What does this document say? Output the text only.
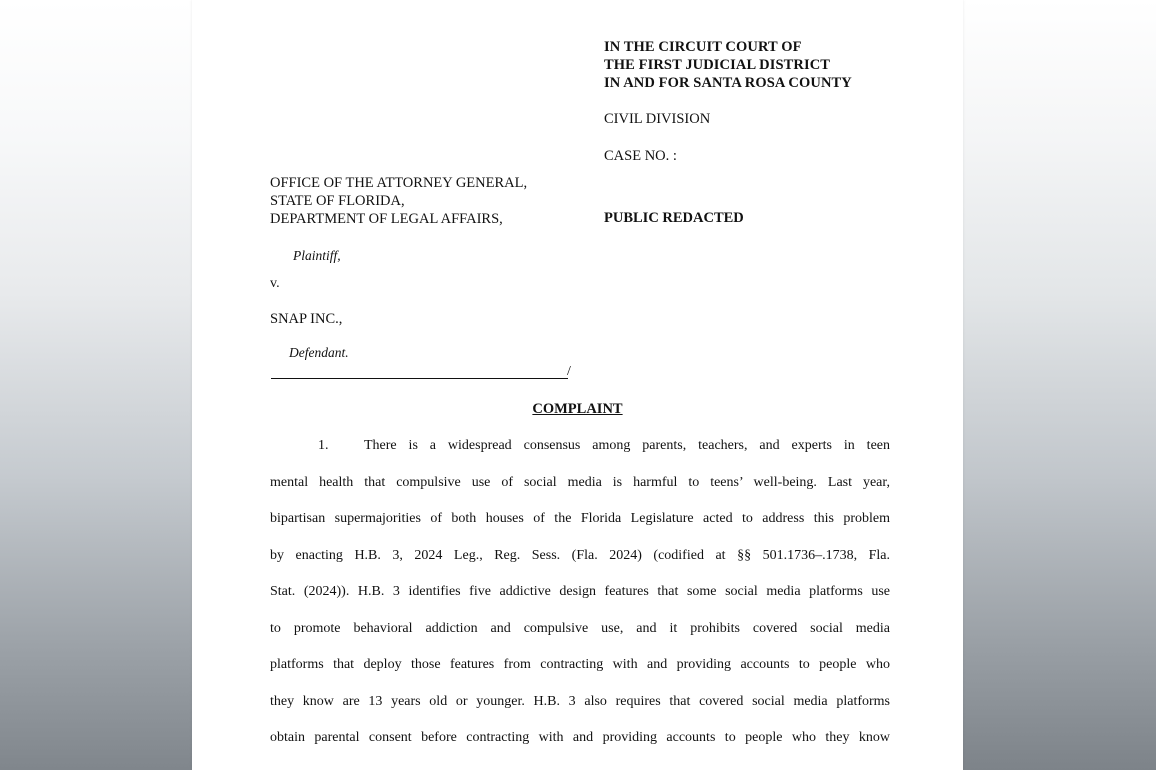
IN THE CIRCUIT COURT OF
THE FIRST JUDICIAL DISTRICT
IN AND FOR SANTA ROSA COUNTY
CIVIL DIVISION
CASE NO. :
PUBLIC REDACTED
OFFICE OF THE ATTORNEY GENERAL,
STATE OF FLORIDA,
DEPARTMENT OF LEGAL AFFAIRS,
Plaintiff,
v.
SNAP INC.,
Defendant.
/
COMPLAINT
1.	There is a widespread consensus among parents, teachers, and experts in teen
mental health that compulsive use of social media is harmful to teens’ well-being. Last year,
bipartisan supermajorities of both houses of the Florida Legislature acted to address this problem
by enacting H.B. 3, 2024 Leg., Reg. Sess. (Fla. 2024) (codified at §§ 501.1736–.1738, Fla.
Stat. (2024)). H.B. 3 identifies five addictive design features that some social media platforms use
to promote behavioral addiction and compulsive use, and it prohibits covered social media
platforms that deploy those features from contracting with and providing accounts to people who
they know are 13 years old or younger. H.B. 3 also requires that covered social media platforms
obtain parental consent before contracting with and providing accounts to people who they know
